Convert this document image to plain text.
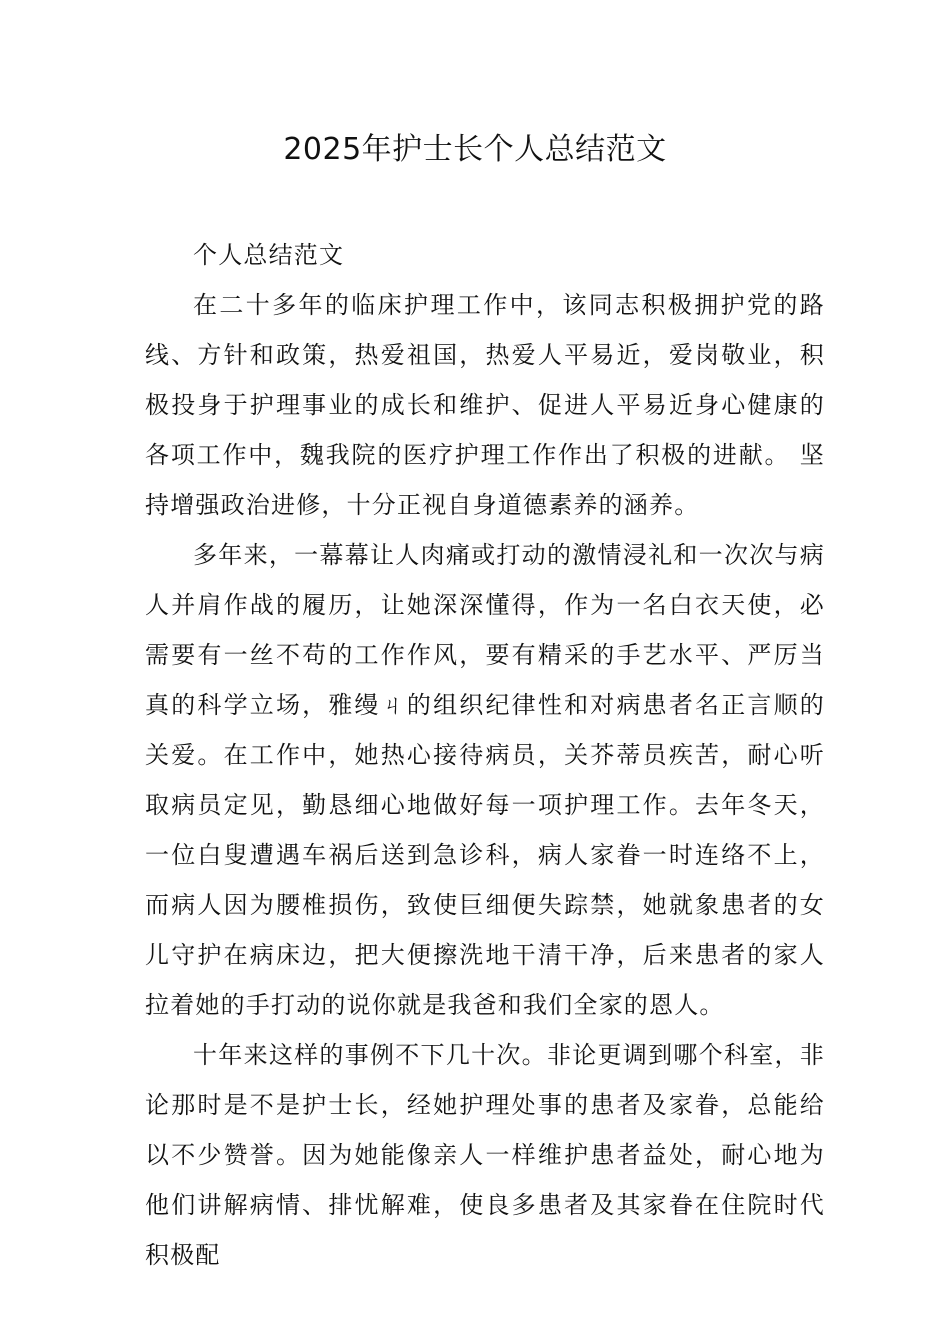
2025年护士长个人总结范文

个人总结范文

在二十多年的临床护理工作中，该同志积极拥护党的路线、方针和政策，热爱祖国，热爱人平易近，爱岗敬业，积极投身于护理事业的成长和维护、促进人平易近身心健康的各项工作中，魏我院的医疗护理工作作出了积极的进献。 坚持增强政治进修，十分正视自身道德素养的涵养。

多年来，一幕幕让人肉痛或打动的激情浸礼和一次次与病人并肩作战的履历，让她深深懂得，作为一名白衣天使，必需要有一丝不苟的工作作风，要有精采的手艺水平、严厉当真的科学立场，雅缦ㄐ的组织纪律性和对病患者名正言顺的关爱。在工作中，她热心接待病员，关芥蒂员疾苦，耐心听取病员定见，勤恳细心地做好每一项护理工作。去年冬天，一位白叟遭遇车祸后送到急诊科，病人家眷一时连络不上，而病人因为腰椎损伤，致使巨细便失踪禁，她就象患者的女儿守护在病床边，把大便擦洗地干清干净，后来患者的家人拉着她的手打动的说你就是我爸和我们全家的恩人。

十年来这样的事例不下几十次。非论更调到哪个科室，非论那时是不是护士长，经她护理处事的患者及家眷，总能给以不少赞誉。因为她能像亲人一样维护患者益处，耐心地为他们讲解病情、排忧解难，使良多患者及其家眷在住院时代积极配
